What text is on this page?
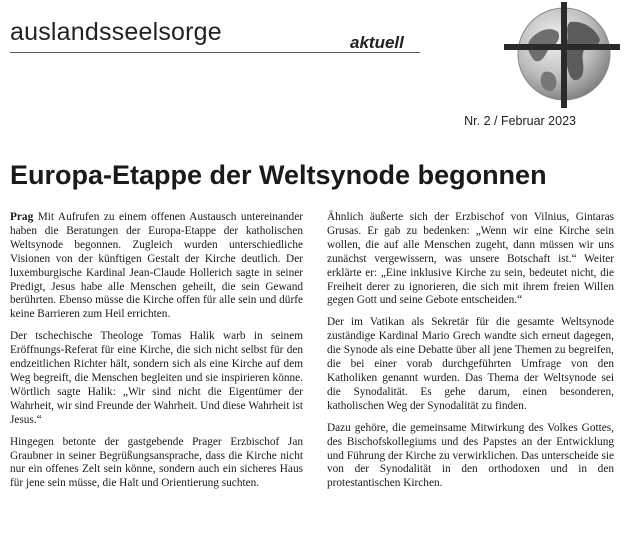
auslandsseelsorge	aktuell
Nr. 2 / Februar 2023
Europa-Etappe der Weltsynode begonnen

Prag Mit Aufrufen zu einem offenen Austausch untereinander haben die Beratungen der Europa-Etappe der katholischen Weltsynode begonnen. Zugleich wurden unterschiedliche Visionen von der künftigen Gestalt der Kirche deutlich. Der luxemburgische Kardinal Jean-Claude Hollerich sagte in seiner Predigt, Jesus habe alle Menschen geheilt, die sein Gewand berührten. Ebenso müsse die Kirche offen für alle sein und dürfe keine Barrieren zum Heil errichten.

Der tschechische Theologe Tomas Halik warb in seinem Eröffnungs-Referat für eine Kirche, die sich nicht selbst für den endzeitlichen Richter hält, sondern sich als eine Kirche auf dem Weg begreift, die Menschen begleiten und sie inspirieren könne. Wörtlich sagte Halik: „Wir sind nicht die Eigentümer der Wahrheit, wir sind Freunde der Wahrheit. Und diese Wahrheit ist Jesus.“

Hingegen betonte der gastgebende Prager Erzbischof Jan Graubner in seiner Begrüßungsansprache, dass die Kirche nicht nur ein offenes Zelt sein könne, sondern auch ein sicheres Haus für jene sein müsse, die Halt und Orientierung suchten.

Ähnlich äußerte sich der Erzbischof von Vilnius, Gintaras Grusas. Er gab zu bedenken: „Wenn wir eine Kirche sein wollen, die auf alle Menschen zugeht, dann müssen wir uns zunächst vergewissern, was unsere Botschaft ist.“ Weiter erklärte er: „Eine inklusive Kirche zu sein, bedeutet nicht, die Freiheit derer zu ignorieren, die sich mit ihrem freien Willen gegen Gott und seine Gebote entscheiden.“

Der im Vatikan als Sekretär für die gesamte Weltsynode zuständige Kardinal Mario Grech wandte sich erneut dagegen, die Synode als eine Debatte über all jene Themen zu begreifen, die bei einer vorab durchgeführten Umfrage von den Katholiken genannt wurden. Das Thema der Weltsynode sei die Synodalität. Es gehe darum, einen besonderen, katholischen Weg der Synodalität zu finden.

Dazu gehöre, die gemeinsame Mitwirkung des Volkes Gottes, des Bischofskollegiums und des Papstes an der Entwicklung und Führung der Kirche zu verwirklichen. Das unterscheide sie von der Synodalität in den orthodoxen und in den protestantischen Kirchen.
